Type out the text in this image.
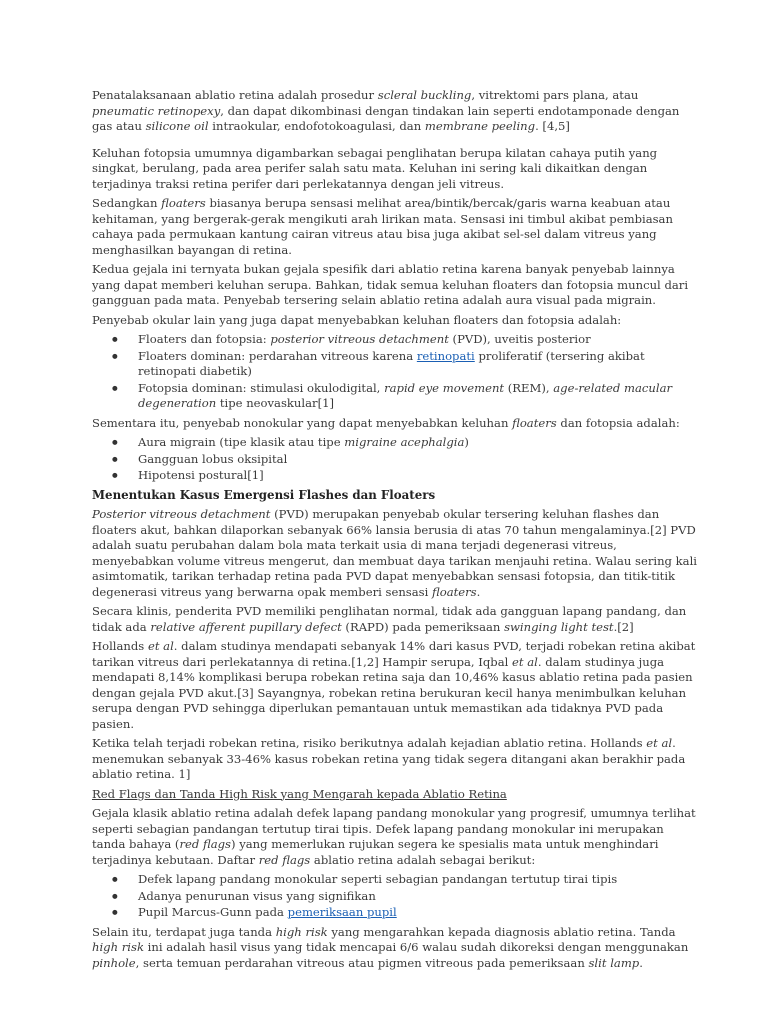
Penatalaksanaan ablatio retina adalah prosedur scleral buckling, vitrektomi pars plana, atau pneumatic retinopexy, dan dapat dikombinasi dengan tindakan lain seperti endotamponade dengan gas atau silicone oil intraokular, endofotokoagulasi, dan membrane peeling. [4,5]

Keluhan fotopsia umumnya digambarkan sebagai penglihatan berupa kilatan cahaya putih yang singkat, berulang, pada area perifer salah satu mata. Keluhan ini sering kali dikaitkan dengan terjadinya traksi retina perifer dari perlekatannya dengan jeli vitreus.

Sedangkan floaters biasanya berupa sensasi melihat area/bintik/bercak/garis warna keabuan atau kehitaman, yang bergerak-gerak mengikuti arah lirikan mata. Sensasi ini timbul akibat pembiasan cahaya pada permukaan kantung cairan vitreus atau bisa juga akibat sel-sel dalam vitreus yang menghasilkan bayangan di retina.

Kedua gejala ini ternyata bukan gejala spesifik dari ablatio retina karena banyak penyebab lainnya yang dapat memberi keluhan serupa. Bahkan, tidak semua keluhan floaters dan fotopsia muncul dari gangguan pada mata. Penyebab tersering selain ablatio retina adalah aura visual pada migrain.

Penyebab okular lain yang juga dapat menyebabkan keluhan floaters dan fotopsia adalah:

● Floaters dan fotopsia: posterior vitreous detachment (PVD), uveitis posterior
● Floaters dominan: perdarahan vitreous karena retinopati proliferatif (tersering akibat retinopati diabetik)
● Fotopsia dominan: stimulasi okulodigital, rapid eye movement (REM), age-related macular degeneration tipe neovaskular[1]

Sementara itu, penyebab nonokular yang dapat menyebabkan keluhan floaters dan fotopsia adalah:

● Aura migrain (tipe klasik atau tipe migraine acephalgia)
● Gangguan lobus oksipital
● Hipotensi postural[1]
Menentukan Kasus Emergensi Flashes dan Floaters

Posterior vitreous detachment (PVD) merupakan penyebab okular tersering keluhan flashes dan floaters akut, bahkan dilaporkan sebanyak 66% lansia berusia di atas 70 tahun mengalaminya.[2] PVD adalah suatu perubahan dalam bola mata terkait usia di mana terjadi degenerasi vitreus, menyebabkan volume vitreus mengerut, dan membuat daya tarikan menjauhi retina. Walau sering kali asimtomatik, tarikan terhadap retina pada PVD dapat menyebabkan sensasi fotopsia, dan titik-titik degenerasi vitreus yang berwarna opak memberi sensasi floaters.

Secara klinis, penderita PVD memiliki penglihatan normal, tidak ada gangguan lapang pandang, dan tidak ada relative afferent pupillary defect (RAPD) pada pemeriksaan swinging light test.[2]

Hollands et al. dalam studinya mendapati sebanyak 14% dari kasus PVD, terjadi robekan retina akibat tarikan vitreus dari perlekatannya di retina.[1,2] Hampir serupa, Iqbal et al. dalam studinya juga mendapati 8,14% komplikasi berupa robekan retina saja dan 10,46% kasus ablatio retina pada pasien dengan gejala PVD akut.[3] Sayangnya, robekan retina berukuran kecil hanya menimbulkan keluhan serupa dengan PVD sehingga diperlukan pemantauan untuk memastikan ada tidaknya PVD pada pasien.

Ketika telah terjadi robekan retina, risiko berikutnya adalah kejadian ablatio retina. Hollands et al. menemukan sebanyak 33-46% kasus robekan retina yang tidak segera ditangani akan berakhir pada ablatio retina. 1]

Red Flags dan Tanda High Risk yang Mengarah kepada Ablatio Retina

Gejala klasik ablatio retina adalah defek lapang pandang monokular yang progresif, umumnya terlihat seperti sebagian pandangan tertutup tirai tipis. Defek lapang pandang monokular ini merupakan tanda bahaya (red flags) yang memerlukan rujukan segera ke spesialis mata untuk menghindari terjadinya kebutaan. Daftar red flags ablatio retina adalah sebagai berikut:

● Defek lapang pandang monokular seperti sebagian pandangan tertutup tirai tipis
● Adanya penurunan visus yang signifikan
● Pupil Marcus-Gunn pada pemeriksaan pupil

Selain itu, terdapat juga tanda high risk yang mengarahkan kepada diagnosis ablatio retina. Tanda high risk ini adalah hasil visus yang tidak mencapai 6/6 walau sudah dikoreksi dengan menggunakan pinhole, serta temuan perdarahan vitreous atau pigmen vitreous pada pemeriksaan slit lamp.
